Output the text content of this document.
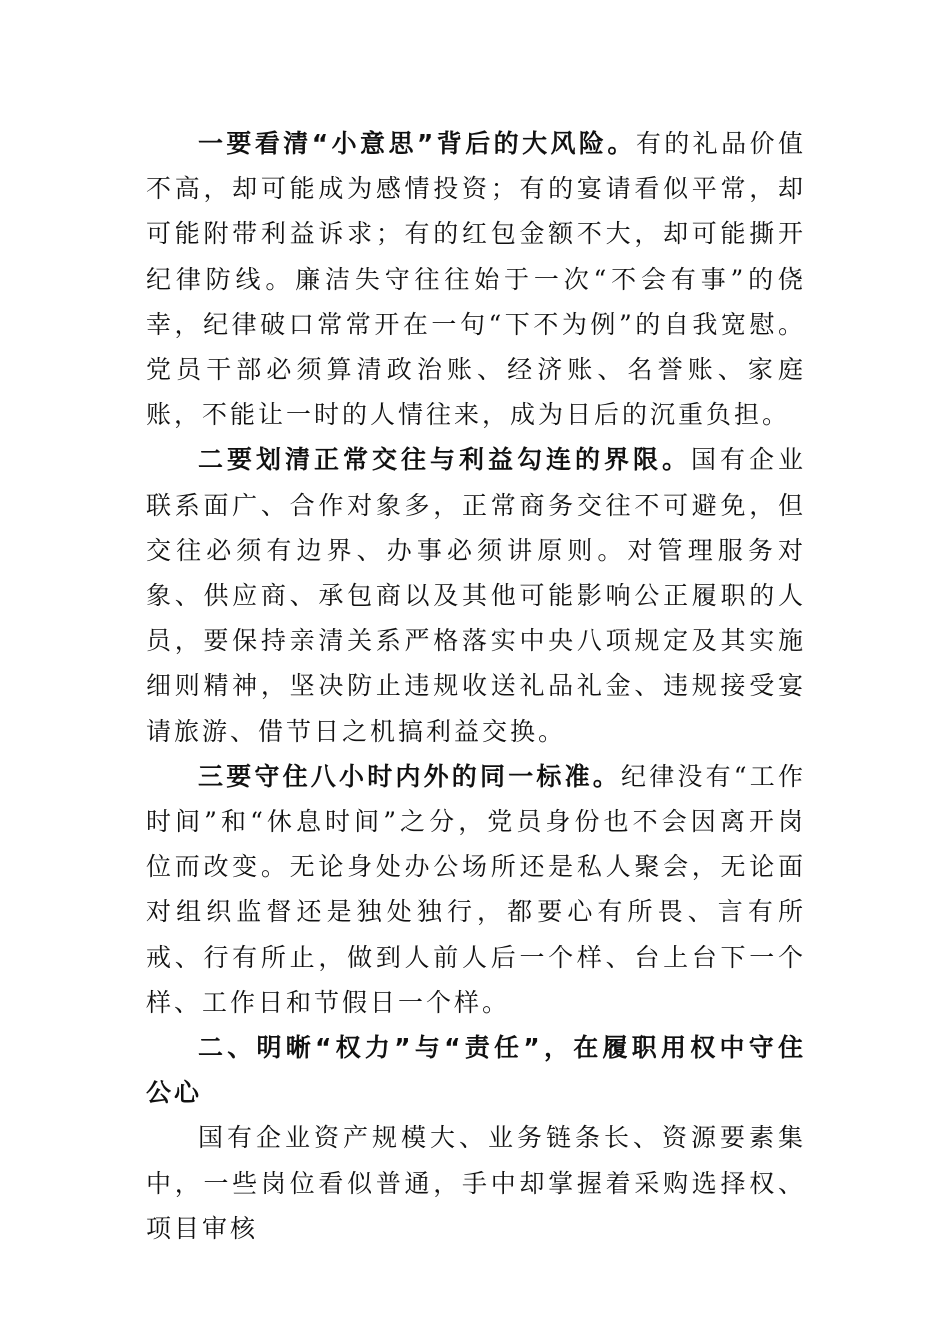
一要看清“小意思”背后的大风险。有的礼品价值不高，却可能成为感情投资；有的宴请看似平常，却可能附带利益诉求；有的红包金额不大，却可能撕开纪律防线。廉洁失守往往始于一次“不会有事”的侥幸，纪律破口常常开在一句“下不为例”的自我宽慰。党员干部必须算清政治账、经济账、名誉账、家庭账，不能让一时的人情往来，成为日后的沉重负担。

二要划清正常交往与利益勾连的界限。国有企业联系面广、合作对象多，正常商务交往不可避免，但交往必须有边界、办事必须讲原则。对管理服务对象、供应商、承包商以及其他可能影响公正履职的人员，要保持亲清关系严格落实中央八项规定及其实施细则精神，坚决防止违规收送礼品礼金、违规接受宴请旅游、借节日之机搞利益交换。

三要守住八小时内外的同一标准。纪律没有“工作时间”和“休息时间”之分，党员身份也不会因离开岗位而改变。无论身处办公场所还是私人聚会，无论面对组织监督还是独处独行，都要心有所畏、言有所戒、行有所止，做到人前人后一个样、台上台下一个样、工作日和节假日一个样。

二、明晰“权力”与“责任”，在履职用权中守住公心

国有企业资产规模大、业务链条长、资源要素集中，一些岗位看似普通，手中却掌握着采购选择权、项目审核
